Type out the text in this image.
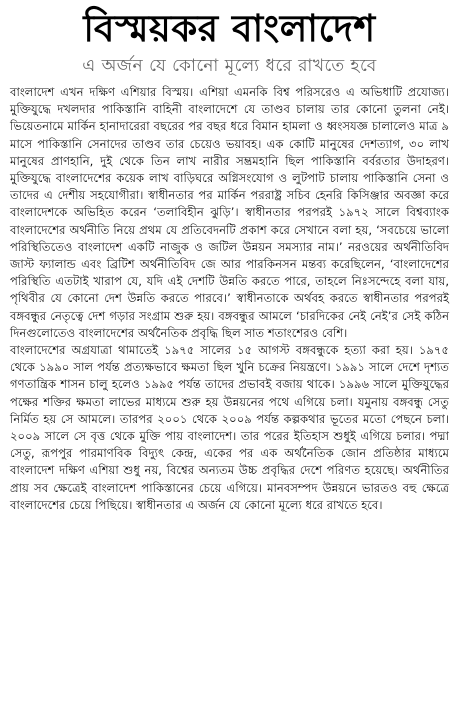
বিস্ময়কর বাংলাদেশ
এ অর্জন যে কোনো মূল্যে ধরে রাখতে হবে

বাংলাদেশ এখন দক্ষিণ এশিয়ার বিস্ময়। এশিয়া এমনকি বিশ্ব পরিসরেও এ অভিধাটি প্রযোজ্য। মুক্তিযুদ্ধে দখলদার পাকিস্তানি বাহিনী বাংলাদেশে যে তাণ্ডব চালায় তার কোনো তুলনা নেই। ভিয়েতনামে মার্কিন হানাদারেরা বছরের পর বছর ধরে বিমান হামলা ও ধ্বংসযজ্ঞ চালালেও মাত্র ৯ মাসে পাকিস্তানি সেনাদের তাণ্ডব তার চেয়েও ভয়াবহ। এক কোটি মানুষের দেশত্যাগ, ৩০ লাখ মানুষের প্রাণহানি, দুই থেকে তিন লাখ নারীর সম্ভ্রমহানি ছিল পাকিস্তানি বর্বরতার উদাহরণ। মুক্তিযুদ্ধে বাংলাদেশের কয়েক লাখ বাড়িঘরে অগ্নিসংযোগ ও লুটপাট চালায় পাকিস্তানি সেনা ও তাদের এ দেশীয় সহযোগীরা। স্বাধীনতার পর মার্কিন পররাষ্ট্র সচিব হেনরি কিসিঞ্জার অবজ্ঞা করে বাংলাদেশকে অভিহিত করেন ‘তলাবিহীন ঝুড়ি’। স্বাধীনতার পরপরই ১৯৭২ সালে বিশ্বব্যাংক বাংলাদেশের অর্থনীতি নিয়ে প্রথম যে প্রতিবেদনটি প্রকাশ করে সেখানে বলা হয়, ‘সবচেয়ে ভালো পরিস্থিতিতেও বাংলাদেশ একটি নাজুক ও জটিল উন্নয়ন সমস্যার নাম।’ নরওয়ের অর্থনীতিবিদ জাস্ট ফ্যালান্ড এবং ব্রিটিশ অর্থনীতিবিদ জে আর পারকিনসন মন্তব্য করেছিলেন, ‘বাংলাদেশের পরিস্থিতি এতটাই খারাপ যে, যদি এই দেশটি উন্নতি করতে পারে, তাহলে নিঃসন্দেহে বলা যায়, পৃথিবীর যে কোনো দেশ উন্নতি করতে পারবে।’ স্বাধীনতাকে অর্থবহ করতে স্বাধীনতার পরপরই বঙ্গবন্ধুর নেতৃত্বে দেশ গড়ার সংগ্রাম শুরু হয়। বঙ্গবন্ধুর আমলে ‘চারদিকের নেই নেই’র সেই কঠিন দিনগুলোতেও বাংলাদেশের অর্থনৈতিক প্রবৃদ্ধি ছিল সাত শতাংশেরও বেশি।

বাংলাদেশের অগ্রযাত্রা থামাতেই ১৯৭৫ সালের ১৫ আগস্ট বঙ্গবন্ধুকে হত্যা করা হয়। ১৯৭৫ থেকে ১৯৯০ সাল পর্যন্ত প্রত্যক্ষভাবে ক্ষমতা ছিল খুনি চক্রের নিয়ন্ত্রণে। ১৯৯১ সালে দেশে দৃশ্যত গণতান্ত্রিক শাসন চালু হলেও ১৯৯৫ পর্যন্ত তাদের প্রভাবই বজায় থাকে। ১৯৯৬ সালে মুক্তিযুদ্ধের পক্ষের শক্তির ক্ষমতা লাভের মাধ্যমে শুরু হয় উন্নয়নের পথে এগিয়ে চলা। যমুনায় বঙ্গবন্ধু সেতু নির্মিত হয় সে আমলে। তারপর ২০০১ থেকে ২০০৯ পর্যন্ত কল্পকথার ভূতের মতো পেছনে চলা। ২০০৯ সালে সে বৃত্ত থেকে মুক্তি পায় বাংলাদেশ। তার পরের ইতিহাস শুধুই এগিয়ে চলার। পদ্মা সেতু, রূপপুর পারমাণবিক বিদ্যুৎ কেন্দ্র, একের পর এক অর্থনৈতিক জোন প্রতিষ্ঠার মাধ্যমে বাংলাদেশ দক্ষিণ এশিয়া শুধু নয়, বিশ্বের অন্যতম উচ্চ প্রবৃদ্ধির দেশে পরিণত হয়েছে। অর্থনীতির প্রায় সব ক্ষেত্রেই বাংলাদেশ পাকিস্তানের চেয়ে এগিয়ে। মানবসম্পদ উন্নয়নে ভারতও বহু ক্ষেত্রে বাংলাদেশের চেয়ে পিছিয়ে। স্বাধীনতার এ অর্জন যে কোনো মূল্যে ধরে রাখতে হবে।
